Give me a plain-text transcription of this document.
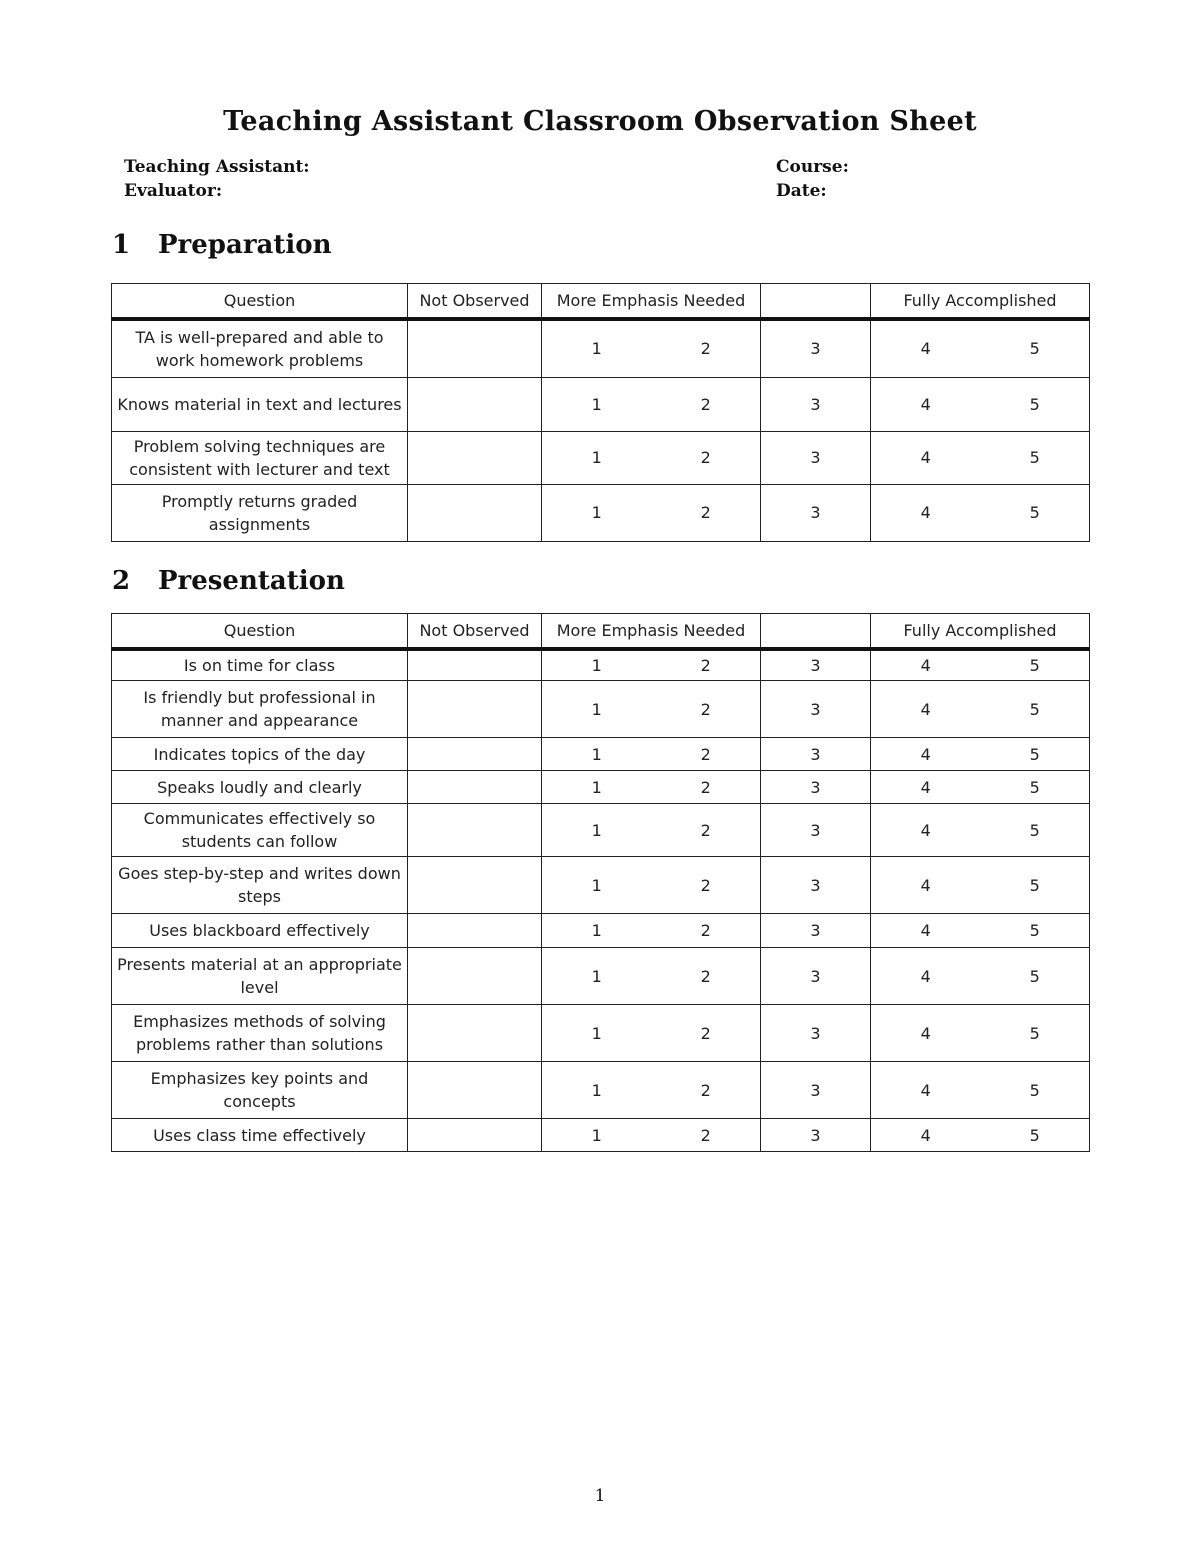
Teaching Assistant Classroom Observation Sheet
Teaching Assistant:
Evaluator:
Course:
Date:
1 Preparation
Question	Not Observed	More Emphasis Needed			Fully Accomplished	
TA is well-prepared and able to work homework problems		1	2	3	4	5
Knows material in text and lectures		1	2	3	4	5
Problem solving techniques are consistent with lecturer and text		1	2	3	4	5
Promptly returns graded assignments		1	2	3	4	5
2 Presentation
Question	Not Observed	More Emphasis Needed			Fully Accomplished	
Is on time for class		1	2	3	4	5
Is friendly but professional in manner and appearance		1	2	3	4	5
Indicates topics of the day		1	2	3	4	5
Speaks loudly and clearly		1	2	3	4	5
Communicates effectively so students can follow		1	2	3	4	5
Goes step-by-step and writes down steps		1	2	3	4	5
Uses blackboard effectively		1	2	3	4	5
Presents material at an appropriate level		1	2	3	4	5
Emphasizes methods of solving problems rather than solutions		1	2	3	4	5
Emphasizes key points and concepts		1	2	3	4	5
Uses class time effectively		1	2	3	4	5
1
